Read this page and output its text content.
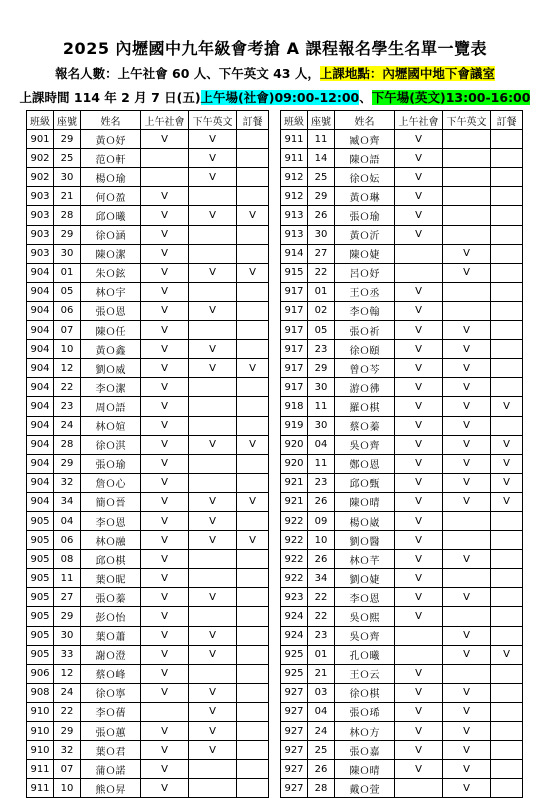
2025 內壢國中九年級會考搶 A 課程報名學生名單一覽表
報名人數：上午社會 60 人、下午英文 43 人，上課地點：內壢國中地下會議室
上課時間 114 年 2 月 7 日(五)上午場(社會)09:00-12:00、下午場(英文)13:00-16:00
班級	座號	姓名	上午社會	下午英文	訂餐
901	29	黃Ｏ妤	V	V	
902	25	范Ｏ軒		V	
902	30	楊Ｏ瑜		V	
903	21	何Ｏ盈	V		
903	28	邱Ｏ曦	V	V	V
903	29	徐Ｏ涵	V		
903	30	陳Ｏ潔	V		
904	01	朱Ｏ鉉	V	V	V
904	05	林Ｏ宇	V		
904	06	張Ｏ恩	V	V	
904	07	陳Ｏ任	V		
904	10	黃Ｏ鑫	V	V	
904	12	劉Ｏ威	V	V	V
904	22	李Ｏ潔	V		
904	23	周Ｏ語	V		
904	24	林Ｏ媗	V		
904	28	徐Ｏ淇	V	V	V
904	29	張Ｏ瑜	V		
904	32	詹Ｏ心	V		
904	34	簡Ｏ晉	V	V	V
905	04	李Ｏ恩	V	V	
905	06	林Ｏ融	V	V	V
905	08	邱Ｏ棋	V		
905	11	葉Ｏ昵	V		
905	27	張Ｏ蓁	V	V	
905	29	彭Ｏ怡	V		
905	30	葉Ｏ蕭	V	V	
905	33	謝Ｏ澄	V	V	
906	12	蔡Ｏ峰	V		
908	24	徐Ｏ寧	V	V	
910	22	李Ｏ蒨		V	
910	29	張Ｏ蕙	V	V	
910	32	葉Ｏ君	V	V	
911	07	蒲Ｏ諾	V		
911	10	熊Ｏ昇	V		
班級	座號	姓名	上午社會	下午英文	訂餐
911	11	臧Ｏ齊	V		
911	14	陳Ｏ語	V		
912	25	徐Ｏ妘	V		
912	29	黃Ｏ琳	V		
913	26	張Ｏ瑜	V		
913	30	黃Ｏ沂	V		
914	27	陳Ｏ婕		V	
915	22	呂Ｏ妤		V	
917	01	王Ｏ丞	V		
917	02	李Ｏ翰	V		
917	05	張Ｏ祈	V	V	
917	23	徐Ｏ頤	V	V	
917	29	曾Ｏ芩	V	V	
917	30	游Ｏ彿	V	V	
918	11	羅Ｏ棋	V	V	V
919	30	蔡Ｏ蓁	V	V	
920	04	吳Ｏ齊	V	V	V
920	11	鄭Ｏ恩	V	V	V
921	23	邱Ｏ甄	V	V	V
921	26	陳Ｏ晴	V	V	V
922	09	楊Ｏ崴	V		
922	10	劉Ｏ醫	V		
922	26	林Ｏ芊	V	V	
922	34	劉Ｏ婕	V		
923	22	李Ｏ恩	V	V	
924	22	吳Ｏ熙	V		
924	23	吳Ｏ齊		V	
925	01	孔Ｏ曦		V	V
925	21	王Ｏ云	V		
927	03	徐Ｏ棋	V	V	
927	04	張Ｏ琋	V	V	
927	24	林Ｏ方	V	V	
927	25	張Ｏ嘉	V	V	
927	26	陳Ｏ晴	V	V	
927	28	戴Ｏ萱		V	
